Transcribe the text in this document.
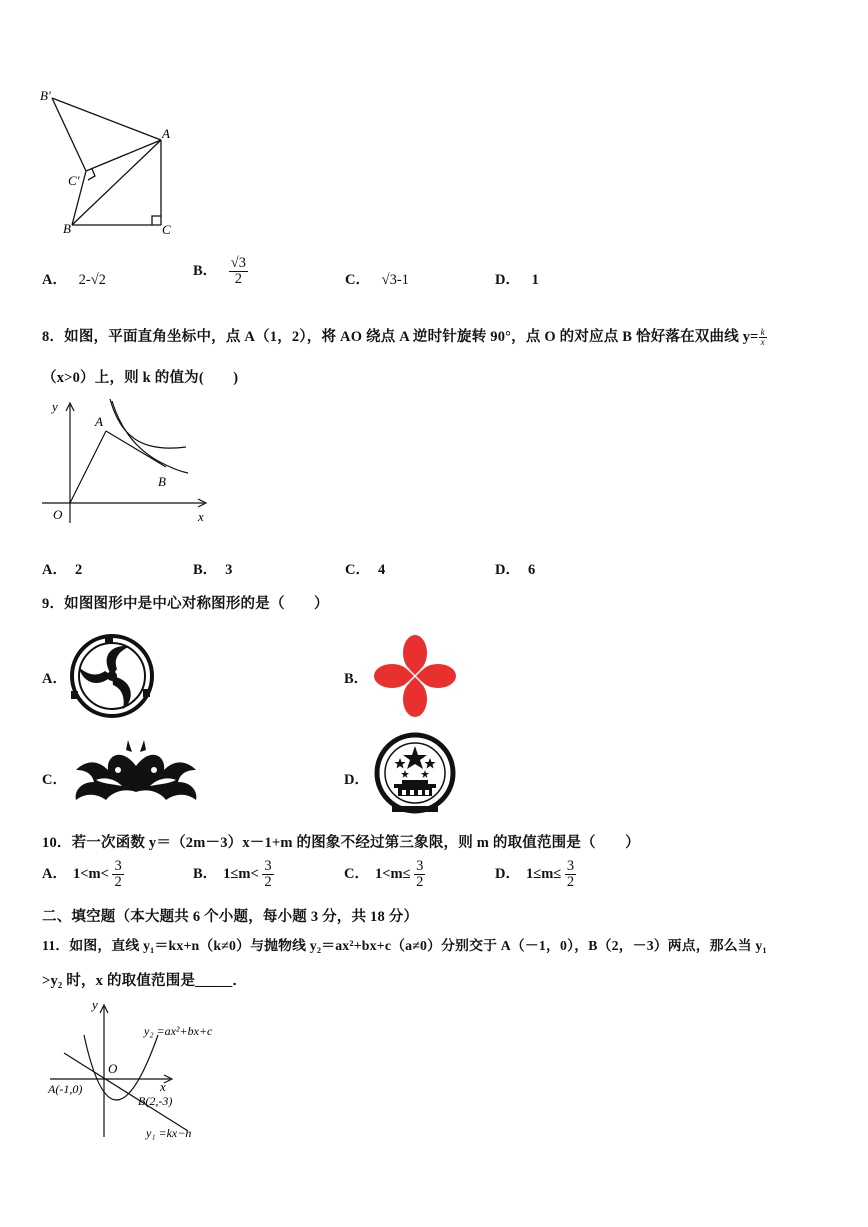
B′
A
C′
B	C
A． 2-√2
B． $\frac{√3}{2}$	C． √3-1	D． 1
8．如图，平面直角坐标中，点 A（1，2），将 AO 绕点 A 逆时针旋转 90°，点 O 的对应点 B 恰好落在双曲线 $y= \frac{k}{x}$
（x>0）上，则 k 的值为(　　)
y
A
B
O	x
A． 2	B． 3	C． 4	D． 6
9．如图图形中是中心对称图形的是（　　）
A．	B．
C．	D．
10．若一次函数 y＝（2m－3）x－1+m 的图象不经过第三象限，则 m 的取值范围是（　　）
A． $1<m< \frac{3}{2}$	B． $1\le m< \frac{3}{2}$	C． $1<m\le \frac{3}{2}$	D． $1\le m\le \frac{3}{2}$
二、填空题（本大题共 6 个小题，每小题 3 分，共 18 分）
11．如图，直线 y₁＝kx+n（k≠0）与抛物线 y₂＝ax²+bx+c（a≠0）分别交于 A（－1，0），B（2，－3）两点，那么当 y₁
>y₂ 时，x 的取值范围是_____．
y
y₂ =ax²+bx+c
O
x
A(-1,0)
B(2,-3)
y₁ =kx−n
